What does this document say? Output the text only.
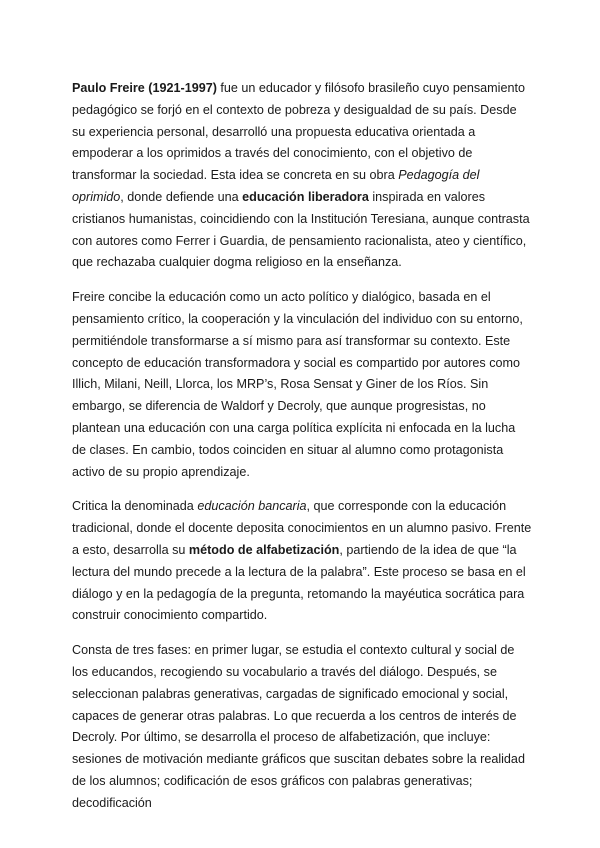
Paulo Freire (1921-1997) fue un educador y filósofo brasileño cuyo pensamiento pedagógico se forjó en el contexto de pobreza y desigualdad de su país. Desde su experiencia personal, desarrolló una propuesta educativa orientada a empoderar a los oprimidos a través del conocimiento, con el objetivo de transformar la sociedad. Esta idea se concreta en su obra Pedagogía del oprimido, donde defiende una educación liberadora inspirada en valores cristianos humanistas, coincidiendo con la Institución Teresiana, aunque contrasta con autores como Ferrer i Guardia, de pensamiento racionalista, ateo y científico, que rechazaba cualquier dogma religioso en la enseñanza.

Freire concibe la educación como un acto político y dialógico, basada en el pensamiento crítico, la cooperación y la vinculación del individuo con su entorno, permitiéndole transformarse a sí mismo para así transformar su contexto. Este concepto de educación transformadora y social es compartido por autores como Illich, Milani, Neill, Llorca, los MRP’s, Rosa Sensat y Giner de los Ríos. Sin embargo, se diferencia de Waldorf y Decroly, que aunque progresistas, no plantean una educación con una carga política explícita ni enfocada en la lucha de clases. En cambio, todos coinciden en situar al alumno como protagonista activo de su propio aprendizaje.

Critica la denominada educación bancaria, que corresponde con la educación tradicional, donde el docente deposita conocimientos en un alumno pasivo. Frente a esto, desarrolla su método de alfabetización, partiendo de la idea de que “la lectura del mundo precede a la lectura de la palabra”. Este proceso se basa en el diálogo y en la pedagogía de la pregunta, retomando la mayéutica socrática para construir conocimiento compartido.

Consta de tres fases: en primer lugar, se estudia el contexto cultural y social de los educandos, recogiendo su vocabulario a través del diálogo. Después, se seleccionan palabras generativas, cargadas de significado emocional y social, capaces de generar otras palabras. Lo que recuerda a los centros de interés de Decroly. Por último, se desarrolla el proceso de alfabetización, que incluye: sesiones de motivación mediante gráficos que suscitan debates sobre la realidad de los alumnos; codificación de esos gráficos con palabras generativas; decodificación
